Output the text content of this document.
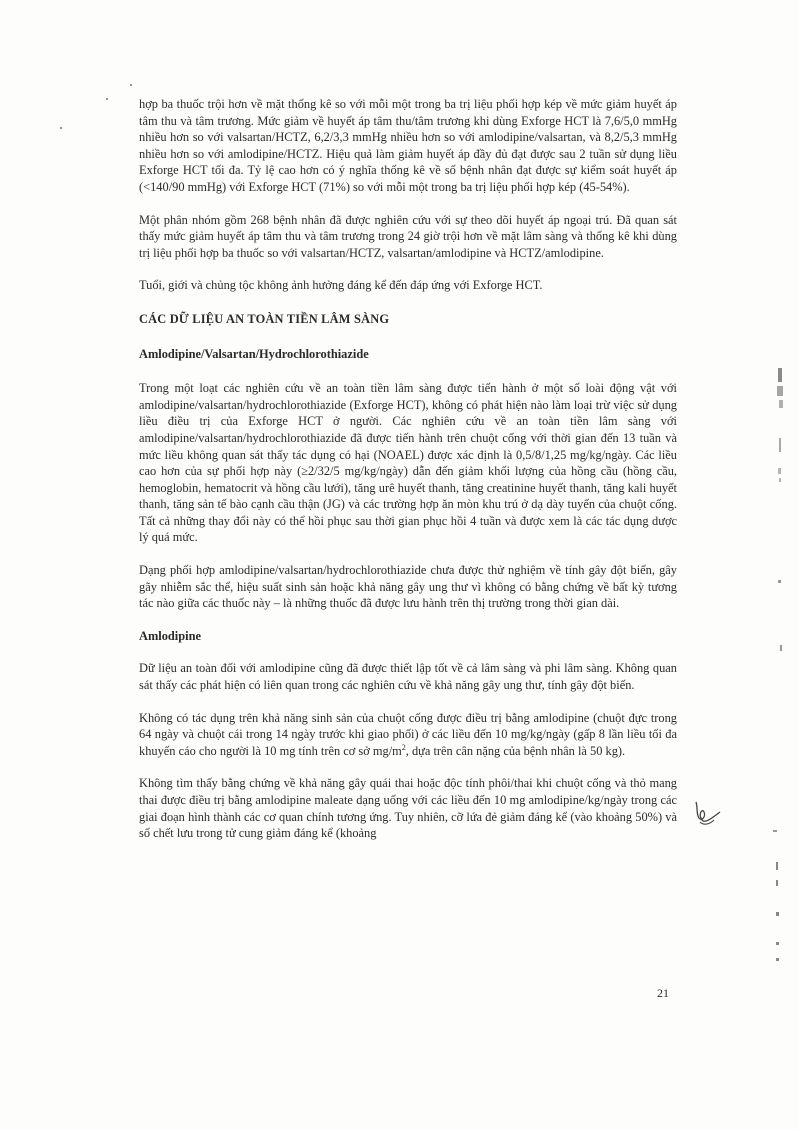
hợp ba thuốc trội hơn về mặt thống kê so với mỗi một trong ba trị liệu phối hợp kép về mức giảm huyết áp tâm thu và tâm trương. Mức giảm về huyết áp tâm thu/tâm trương khi dùng Exforge HCT là 7,6/5,0 mmHg nhiều hơn so với valsartan/HCTZ, 6,2/3,3 mmHg nhiều hơn so với amlodipine/valsartan, và 8,2/5,3 mmHg nhiều hơn so với amlodipine/HCTZ. Hiệu quả làm giảm huyết áp đầy đủ đạt được sau 2 tuần sử dụng liều Exforge HCT tối đa. Tỷ lệ cao hơn có ý nghĩa thống kê về số bệnh nhân đạt được sự kiểm soát huyết áp (<140/90 mmHg) với Exforge HCT (71%) so với mỗi một trong ba trị liệu phối hợp kép (45-54%).

Một phân nhóm gồm 268 bệnh nhân đã được nghiên cứu với sự theo dõi huyết áp ngoại trú. Đã quan sát thấy mức giảm huyết áp tâm thu và tâm trương trong 24 giờ trội hơn về mặt lâm sàng và thống kê khi dùng trị liệu phối hợp ba thuốc so với valsartan/HCTZ, valsartan/amlodipine và HCTZ/amlodipine.

Tuổi, giới và chủng tộc không ảnh hưởng đáng kể đến đáp ứng với Exforge HCT.

CÁC DỮ LIỆU AN TOÀN TIỀN LÂM SÀNG
Amlodipine/Valsartan/Hydrochlorothiazide

Trong một loạt các nghiên cứu về an toàn tiền lâm sàng được tiến hành ở một số loài động vật với amlodipine/valsartan/hydrochlorothiazide (Exforge HCT), không có phát hiện nào làm loại trừ việc sử dụng liều điều trị của Exforge HCT ở người. Các nghiên cứu về an toàn tiền lâm sàng với amlodipine/valsartan/hydrochlorothiazide đã được tiến hành trên chuột cống với thời gian đến 13 tuần và mức liều không quan sát thấy tác dụng có hại (NOAEL) được xác định là 0,5/8/1,25 mg/kg/ngày. Các liều cao hơn của sự phối hợp này (≥2/32/5 mg/kg/ngày) dẫn đến giảm khối lượng của hồng cầu (hồng cầu, hemoglobin, hematocrit và hồng cầu lưới), tăng urê huyết thanh, tăng creatinine huyết thanh, tăng kali huyết thanh, tăng sản tế bào cạnh cầu thận (JG) và các trường hợp ăn mòn khu trú ở dạ dày tuyến của chuột cống. Tất cả những thay đổi này có thể hồi phục sau thời gian phục hồi 4 tuần và được xem là các tác dụng dược lý quá mức.

Dạng phối hợp amlodipine/valsartan/hydrochlorothiazide chưa được thử nghiệm về tính gây đột biến, gây gãy nhiễm sắc thể, hiệu suất sinh sản hoặc khả năng gây ung thư vì không có bằng chứng về bất kỳ tương tác nào giữa các thuốc này – là những thuốc đã được lưu hành trên thị trường trong thời gian dài.

Amlodipine

Dữ liệu an toàn đối với amlodipine cũng đã được thiết lập tốt về cả lâm sàng và phi lâm sàng. Không quan sát thấy các phát hiện có liên quan trong các nghiên cứu về khả năng gây ung thư, tính gây đột biến.

Không có tác dụng trên khả năng sinh sản của chuột cống được điều trị bằng amlodipine (chuột đực trong 64 ngày và chuột cái trong 14 ngày trước khi giao phối) ở các liều đến 10 mg/kg/ngày (gấp 8 lần liều tối đa khuyến cáo cho người là 10 mg tính trên cơ sở $mg/m^2$, dựa trên cân nặng của bệnh nhân là 50 kg).

Không tìm thấy bằng chứng về khả năng gây quái thai hoặc độc tính phôi/thai khi chuột cống và thỏ mang thai được điều trị bằng amlodipine maleate dạng uống với các liều đến 10 mg amlodipine/kg/ngày trong các giai đoạn hình thành các cơ quan chính tương ứng. Tuy nhiên, cỡ lứa đẻ giảm đáng kể (vào khoảng 50%) và số chết lưu trong tử cung giảm đáng kể (khoảng

21
